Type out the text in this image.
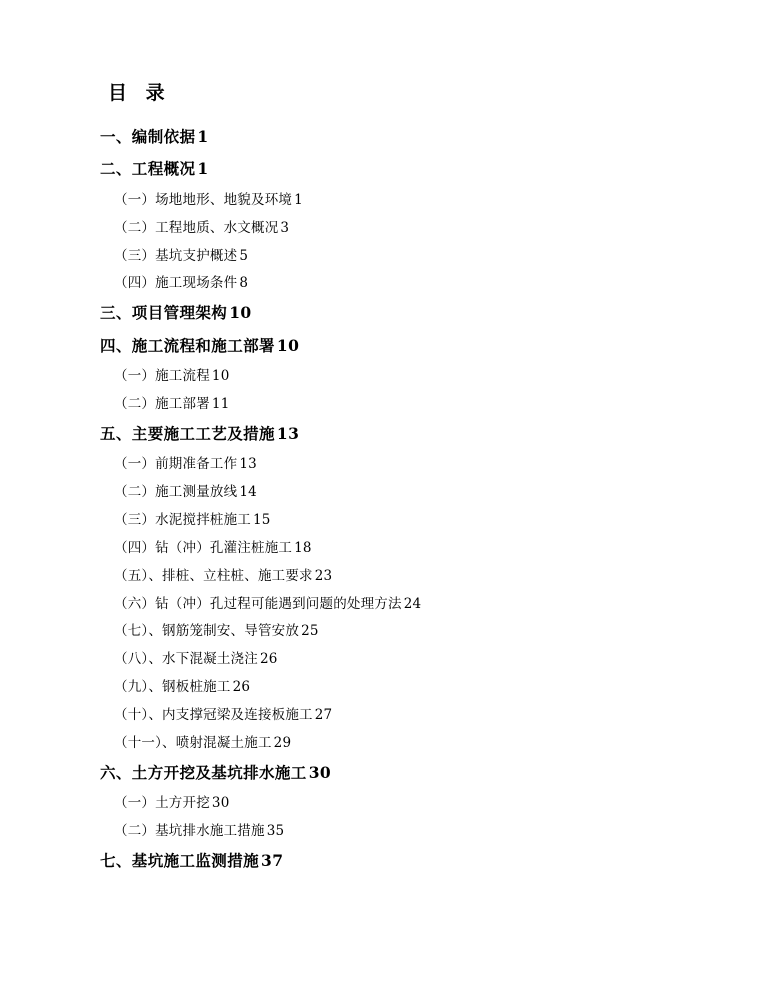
目 录
一、编制依据 1
二、工程概况 1
（一）场地地形、地貌及环境 1
（二）工程地质、水文概况 3
（三）基坑支护概述 5
（四）施工现场条件 8
三、项目管理架构 10
四、施工流程和施工部署 10
（一）施工流程 10
（二）施工部署 11
五、主要施工工艺及措施 13
（一）前期准备工作 13
（二）施工测量放线 14
（三）水泥搅拌桩施工 15
（四）钻（冲）孔灌注桩施工 18
（五）、排桩、立柱桩、施工要求 23
（六）钻（冲）孔过程可能遇到问题的处理方法 24
（七）、钢筋笼制安、导管安放 25
（八）、水下混凝土浇注 26
（九）、钢板桩施工 26
（十）、内支撑冠梁及连接板施工 27
（十一）、喷射混凝土施工 29
六、土方开挖及基坑排水施工 30
（一）土方开挖 30
（二）基坑排水施工措施 35
七、基坑施工监测措施 37
